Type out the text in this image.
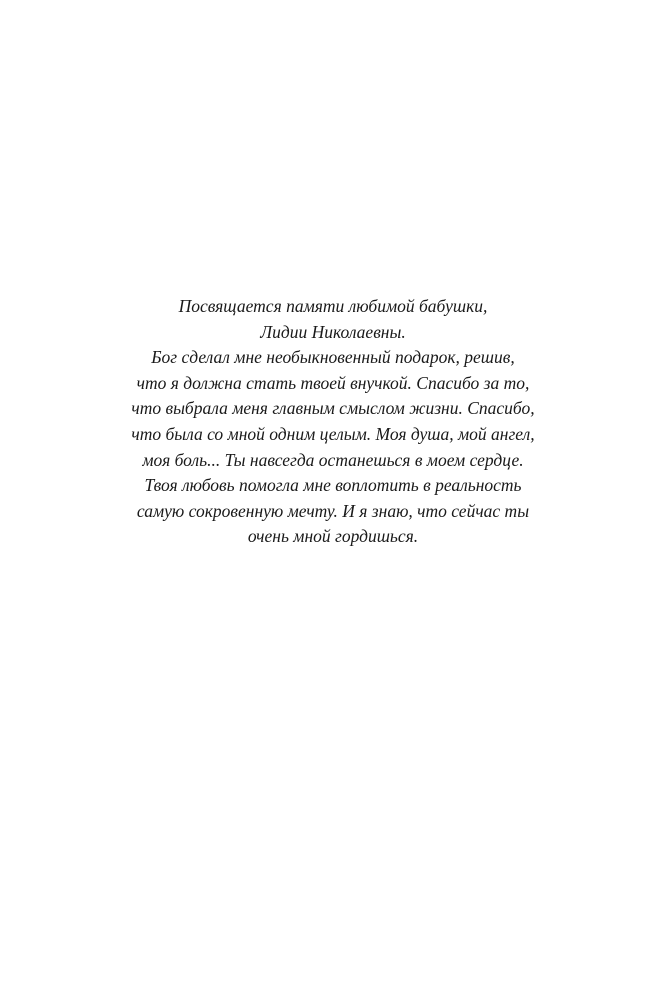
Посвящается памяти любимой бабушки,
Лидии Николаевны.
Бог сделал мне необыкновенный подарок, решив,
что я должна стать твоей внучкой. Спасибо за то,
что выбрала меня главным смыслом жизни. Спасибо,
что была со мной одним целым. Моя душа, мой ангел,
моя боль... Ты навсегда останешься в моем сердце.
Твоя любовь помогла мне воплотить в реальность
самую сокровенную мечту. И я знаю, что сейчас ты
очень мной гордишься.
